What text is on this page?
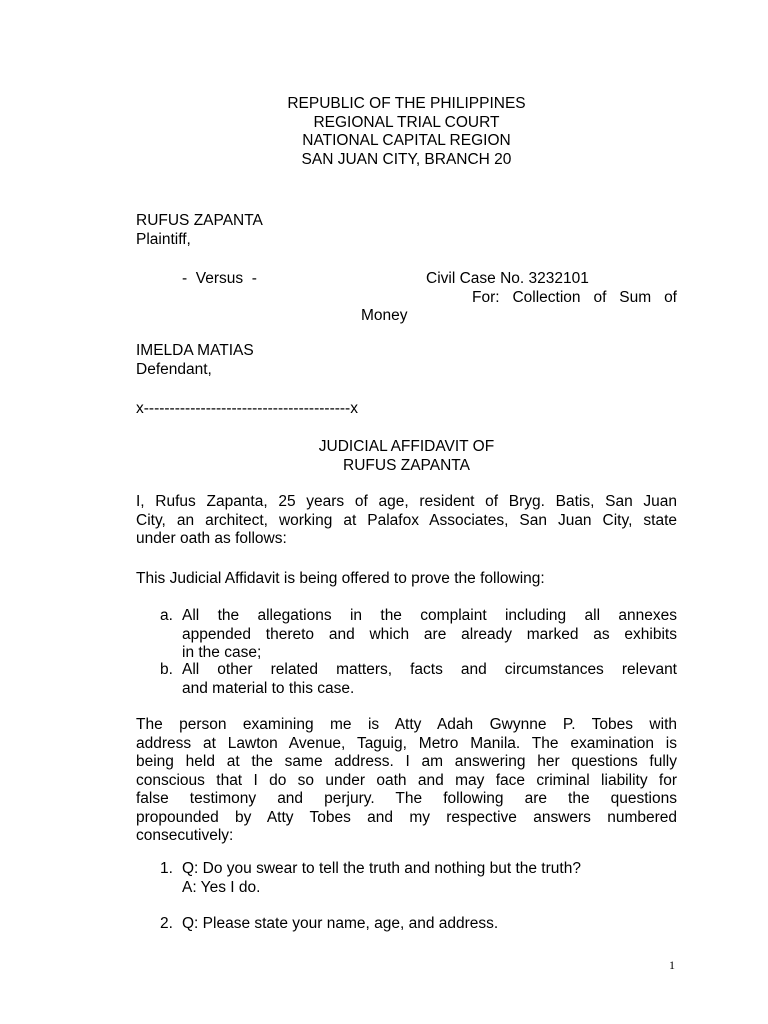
REPUBLIC OF THE PHILIPPINES
REGIONAL TRIAL COURT
NATIONAL CAPITAL REGION
SAN JUAN CITY, BRANCH 20
RUFUS ZAPANTA
Plaintiff,
-  Versus  -	Civil Case No. 3232101
For: Collection of Sum of
Money
IMELDA MATIAS
Defendant,
x----------------------------------------x
JUDICIAL AFFIDAVIT OF
RUFUS ZAPANTA
I, Rufus Zapanta, 25 years of age, resident of Bryg. Batis, San Juan
City, an architect, working at Palafox Associates, San Juan City, state
under oath as follows:
This Judicial Affidavit is being offered to prove the following:
a. All the allegations in the complaint including all annexes
appended thereto and which are already marked as exhibits
in the case;
b. All other related matters, facts and circumstances relevant
and material to this case.
The person examining me is Atty Adah Gwynne P. Tobes with
address at Lawton Avenue, Taguig, Metro Manila. The examination is
being held at the same address. I am answering her questions fully
conscious that I do so under oath and may face criminal liability for
false testimony and perjury. The following are the questions
propounded by Atty Tobes and my respective answers numbered
consecutively:
1. Q: Do you swear to tell the truth and nothing but the truth?
A: Yes I do.
2. Q: Please state your name, age, and address.
1
